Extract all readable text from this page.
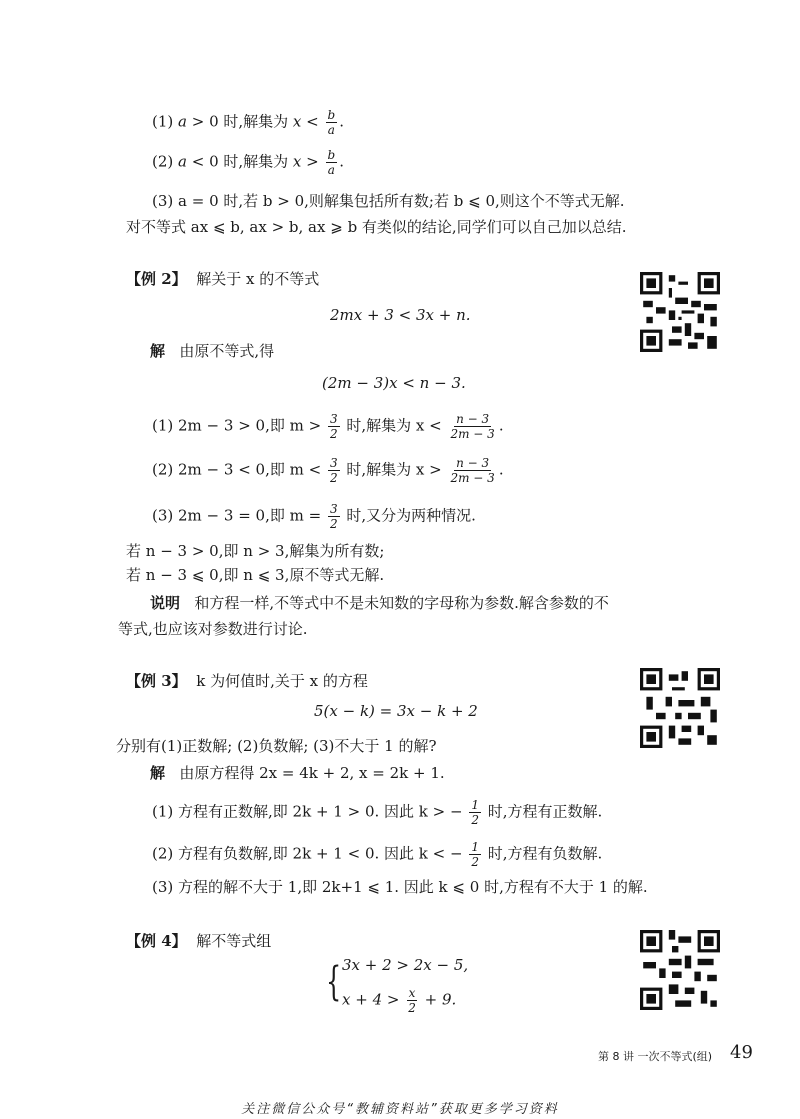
(1) a > 0 时,解集为 $x < \frac{b}{a}$ .
(2) a < 0 时,解集为 $x > \frac{b}{a}$ .
(3) a = 0 时,若 b > 0,则解集包括所有数;若 b ⩽ 0,则这个不等式无解.
对不等式 ax ⩽ b, ax > b, ax ⩾ b 有类似的结论,同学们可以自己加以总结.
【例 2】 解关于 x 的不等式
2mx + 3 < 3x + n.
解 由原不等式,得
(2m − 3)x < n − 3.
(1) 2m − 3 > 0,即 $m > \frac{3}{2}$ 时,解集为 $x < \frac{n - 3}{2m - 3}$ .
(2) 2m − 3 < 0,即 $m < \frac{3}{2}$ 时,解集为 $x > \frac{n - 3}{2m - 3}$ .
(3) 2m − 3 = 0,即 $m = \frac{3}{2}$ 时,又分为两种情况.
若 n − 3 > 0,即 n > 3,解集为所有数;
若 n − 3 ⩽ 0,即 n ⩽ 3,原不等式无解.
说明 和方程一样,不等式中不是未知数的字母称为参数.解含参数的不
等式,也应该对参数进行讨论.
【例 3】 k 为何值时,关于 x 的方程
5(x − k) = 3x − k + 2
分别有(1)正数解; (2)负数解; (3)不大于 1 的解?
解 由原方程得 2x = 4k + 2, x = 2k + 1.
(1) 方程有正数解,即 2k + 1 > 0. 因此 k > − $\frac{1}{2}$ 时,方程有正数解.
(2) 方程有负数解,即 2k + 1 < 0. 因此 k < − $\frac{1}{2}$ 时,方程有负数解.
(3) 方程的解不大于 1,即 2k+1 ⩽ 1. 因此 k ⩽ 0 时,方程有不大于 1 的解.
【例 4】 解不等式组
{ 3x + 2 > 2x − 5,
$x + 4 > \frac{x}{2} + 9$.
第 8 讲 一次不等式(组) 49
关注微信公众号“教辅资料站”获取更多学习资料
